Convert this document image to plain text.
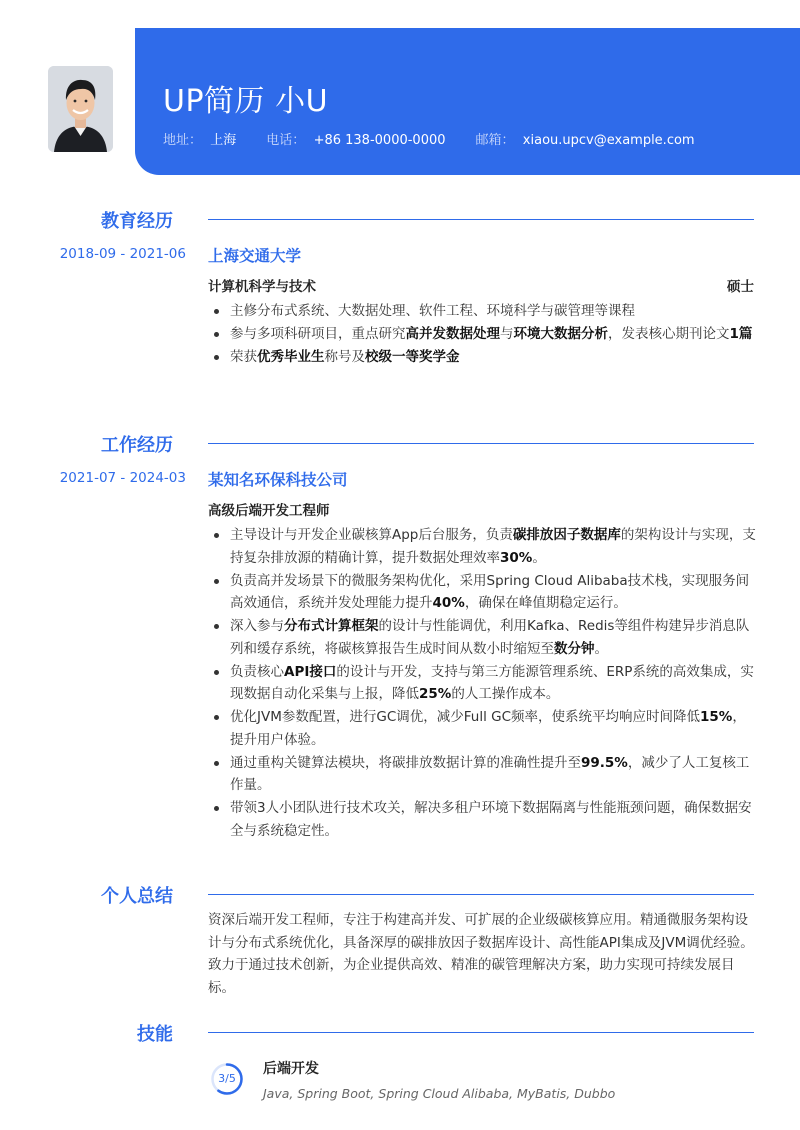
UP简历 小U
地址： 上海 电话： +86 138-0000-0000 邮箱： xiaou.upcv@example.com
教育经历
2018-09 - 2021-06 上海交通大学
计算机科学与技术	硕士
主修分布式系统、大数据处理、软件工程、环境科学与碳管理等课程
参与多项科研项目，重点研究高并发数据处理与环境大数据分析，发表核心期刊论文1篇
荣获优秀毕业生称号及校级一等奖学金
工作经历
2021-07 - 2024-03 某知名环保科技公司
高级后端开发工程师
主导设计与开发企业碳核算App后台服务，负责碳排放因子数据库的架构设计与实现，支持复杂排放源的精确计算，提升数据处理效率30%。
负责高并发场景下的微服务架构优化，采用Spring Cloud Alibaba技术栈，实现服务间高效通信，系统并发处理能力提升40%，确保在峰值期稳定运行。
深入参与分布式计算框架的设计与性能调优，利用Kafka、Redis等组件构建异步消息队列和缓存系统，将碳核算报告生成时间从数小时缩短至数分钟。
负责核心API接口的设计与开发，支持与第三方能源管理系统、ERP系统的高效集成，实现数据自动化采集与上报，降低25%的人工操作成本。
优化JVM参数配置，进行GC调优，减少Full GC频率，使系统平均响应时间降低15%，提升用户体验。
通过重构关键算法模块，将碳排放数据计算的准确性提升至99.5%，减少了人工复核工作量。
带领3人小团队进行技术攻关，解决多租户环境下数据隔离与性能瓶颈问题，确保数据安全与系统稳定性。
个人总结
资深后端开发工程师，专注于构建高并发、可扩展的企业级碳核算应用。精通微服务架构设计与分布式系统优化，具备深厚的碳排放因子数据库设计、高性能API集成及JVM调优经验。致力于通过技术创新，为企业提供高效、精准的碳管理解决方案，助力实现可持续发展目标。
技能
3/5
后端开发
Java, Spring Boot, Spring Cloud Alibaba, MyBatis, Dubbo
